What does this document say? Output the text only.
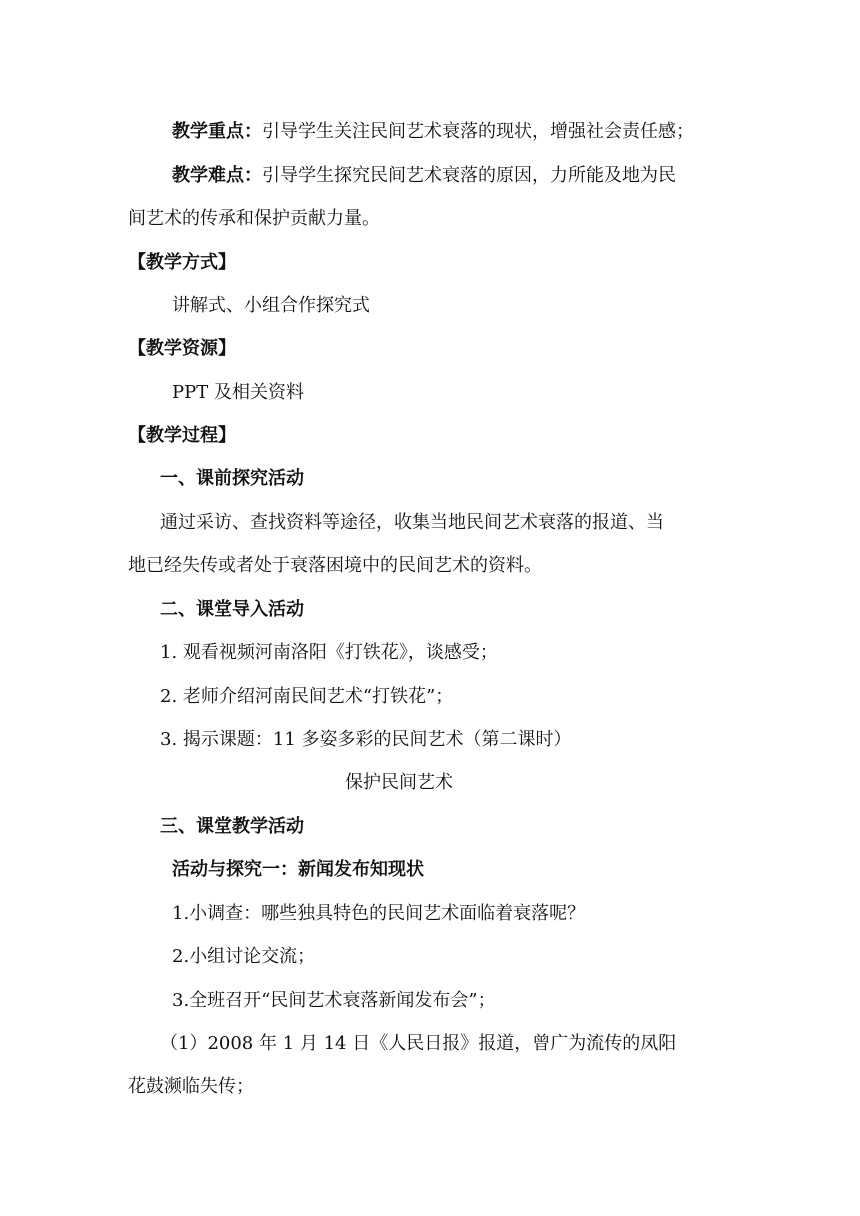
教学重点：引导学生关注民间艺术衰落的现状，增强社会责任感；
教学难点：引导学生探究民间艺术衰落的原因，力所能及地为民
间艺术的传承和保护贡献力量。
【教学方式】
讲解式、小组合作探究式
【教学资源】
PPT 及相关资料
【教学过程】
一、课前探究活动
通过采访、查找资料等途径，收集当地民间艺术衰落的报道、当
地已经失传或者处于衰落困境中的民间艺术的资料。
二、课堂导入活动
1. 观看视频河南洛阳《打铁花》，谈感受；
2. 老师介绍河南民间艺术“打铁花”；
3. 揭示课题：11 多姿多彩的民间艺术（第二课时）
保护民间艺术
三、课堂教学活动
活动与探究一：新闻发布知现状
1.小调查：哪些独具特色的民间艺术面临着衰落呢？
2.小组讨论交流；
3.全班召开“民间艺术衰落新闻发布会”；
（1）2008 年 1 月 14 日《人民日报》报道，曾广为流传的凤阳
花鼓濒临失传；
